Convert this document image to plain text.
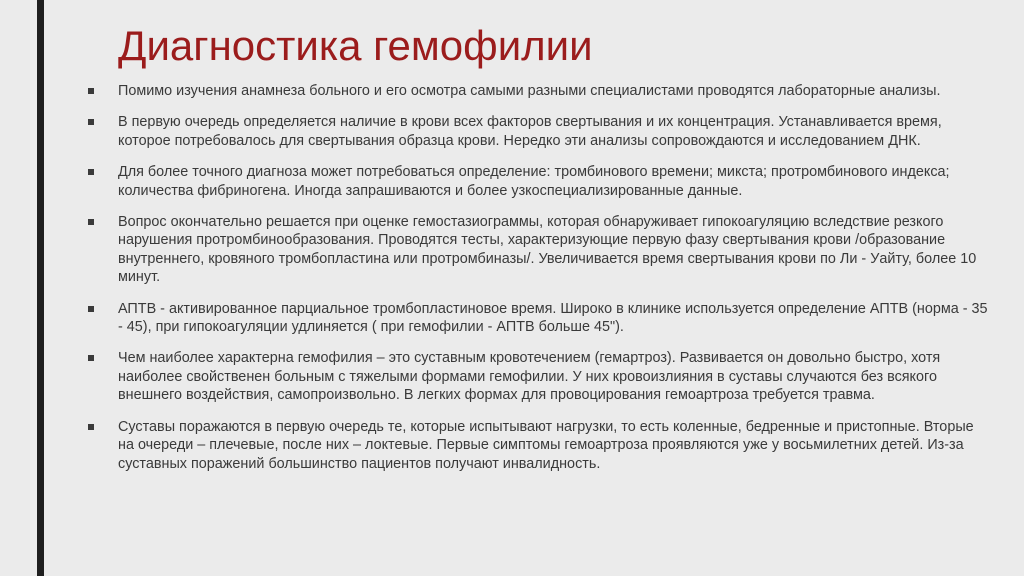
Диагностика гемофилии
Помимо изучения анамнеза больного и его осмотра самыми разными специалистами проводятся лабораторные анализы.
В первую очередь определяется наличие в крови всех факторов свертывания и их концентрация. Устанавливается время, которое потребовалось для свертывания образца крови. Нередко эти анализы сопровождаются и исследованием ДНК.
Для более точного диагноза может потребоваться определение: тромбинового времени; микста; протромбинового индекса; количества фибриногена. Иногда запрашиваются и более узкоспециализированные данные.
Вопрос окончательно решается при оценке гемостазиограммы, которая обнаруживает гипокоагуляцию вследствие резкого нарушения протромбинообразования. Проводятся тесты, характеризующие первую фазу свертывания крови /образование внутреннего, кровяного тромбопластина или протромбиназы/. Увеличивается время свертывания крови по Ли - Уайту, более 10 минут.
АПТВ - активированное парциальное тромбопластиновое время. Широко в клинике используется определение АПТВ (норма - 35 - 45), при гипокоагуляции удлиняется ( при гемофилии - АПТВ больше 45").
Чем наиболее характерна гемофилия – это суставным кровотечением (гемартроз). Развивается он довольно быстро, хотя наиболее свойственен больным с тяжелыми формами гемофилии. У них кровоизлияния в суставы случаются без всякого внешнего воздействия, самопроизвольно. В легких формах для провоцирования гемоартроза требуется травма.
Суставы поражаются в первую очередь те, которые испытывают нагрузки, то есть коленные, бедренные и пристопные. Вторые на очереди – плечевые, после них – локтевые. Первые симптомы гемоартроза проявляются уже у восьмилетних детей. Из-за суставных поражений большинство пациентов получают инвалидность.
